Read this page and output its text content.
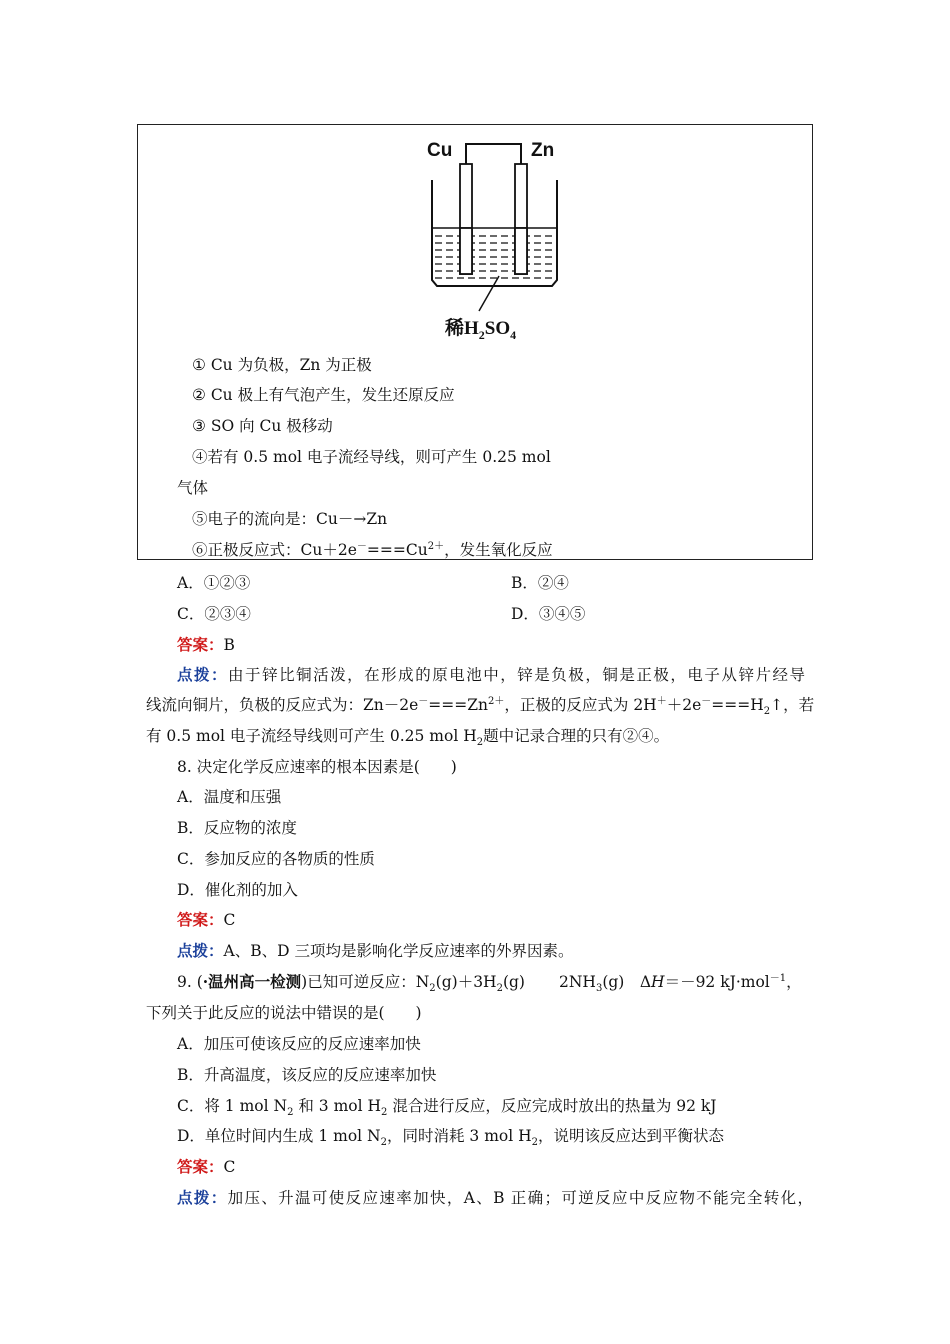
Cu	Zn
稀$H_2SO_4$
① Cu 为负极，Zn 为正极
② Cu 极上有气泡产生，发生还原反应
③ SO 向 Cu 极移动
④若有 0.5 mol 电子流经导线，则可产生 0.25 mol
气体
⑤电子的流向是：Cu－→Zn
⑥正极反应式：$Cu+2e^-===Cu^{2+}$，发生氧化反应
A．①②③	B．②④
C．②③④	D．③④⑤
答案：B
点拨：由于锌比铜活泼，在形成的原电池中，锌是负极，铜是正极，电子从锌片经导
线流向铜片，负极的反应式为：$Zn-2e^-===Zn^{2+}$，正极的反应式为 $2H^++2e^-===H_2↑$，若
有 0.5 mol 电子流经导线则可产生 0.25 mol $H_2$题中记录合理的只有②④。
8. 决定化学反应速率的根本因素是(　　)
A．温度和压强
B．反应物的浓度
C．参加反应的各物质的性质
D．催化剂的加入
答案：C
点拨：A、B、D 三项均是影响化学反应速率的外界因素。
9. (·温州高一检测)已知可逆反应：$N_2(g)+3H_2(g)$ $2NH_3(g)$　ΔH＝－92 kJ·mol$^{-1}$，
下列关于此反应的说法中错误的是(　　)
A．加压可使该反应的反应速率加快
B．升高温度，该反应的反应速率加快
C．将 1 mol $N_2$ 和 3 mol $H_2$ 混合进行反应，反应完成时放出的热量为 92 kJ
D．单位时间内生成 1 mol $N_2$，同时消耗 3 mol $H_2$，说明该反应达到平衡状态
答案：C
点拨：加压、升温可使反应速率加快，A、B 正确；可逆反应中反应物不能完全转化，
